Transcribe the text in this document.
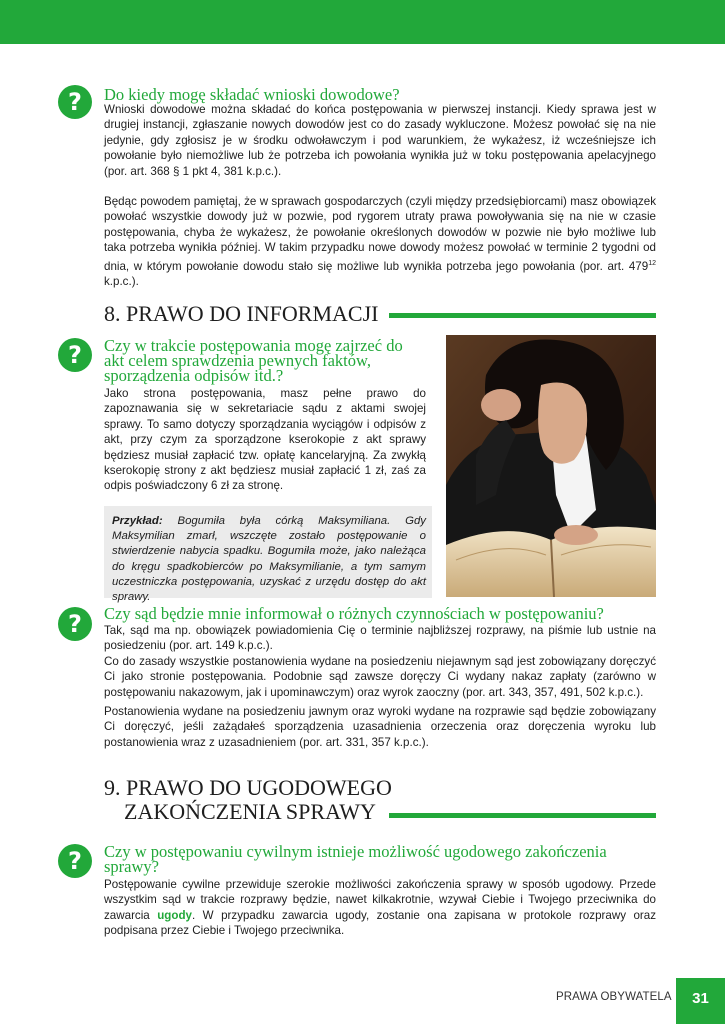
?	Do kiedy mogę składać wnioski dowodowe?
Wnioski dowodowe można składać do końca postępowania w pierwszej instancji. Kiedy sprawa jest w drugiej instancji, zgłaszanie nowych dowodów jest co do zasady wykluczone. Możesz powołać się na nie jedynie, gdy zgłosisz je w środku odwoławczym i pod warunkiem, że wykażesz, iż wcześniejsze ich powołanie było niemożliwe lub że potrzeba ich powołania wynikła już w toku postępowania apelacyjnego (por. art. 368 § 1 pkt 4, 381 k.p.c.).
Będąc powodem pamiętaj, że w sprawach gospodarczych (czyli między przedsiębiorcami) masz obowiązek powołać wszystkie dowody już w pozwie, pod rygorem utraty prawa powoływania się na nie w czasie postępowania, chyba że wykażesz, że powołanie określonych dowodów w pozwie nie było możliwe lub taka potrzeba wynikła później. W takim przypadku nowe dowody możesz powołać w terminie 2 tygodni od dnia, w którym powołanie dowodu stało się możliwe lub wynikła potrzeba jego powołania (por. art. $479^{12}$ k.p.c.).
8. PRAWO DO INFORMACJI
?	Czy w trakcie postępowania mogę zajrzeć do akt celem sprawdzenia pewnych faktów, sporządzenia odpisów itd.?
Jako strona postępowania, masz pełne prawo do zapoznawania się w sekretariacie sądu z aktami swojej sprawy. To samo dotyczy sporządzania wyciągów i odpisów z akt, przy czym za sporządzone kserokopie z akt sprawy będziesz musiał zapłacić tzw. opłatę kancelaryjną. Za zwykłą kserokopię strony z akt będziesz musiał zapłacić 1 zł, zaś za odpis poświadczony 6 zł za stronę.
Przykład: Bogumiła była córką Maksymiliana. Gdy Maksymilian zmarł, wszczęte zostało postępowanie o stwierdzenie nabycia spadku. Bogumiła może, jako należąca do kręgu spadkobierców po Maksymilianie, a tym samym uczestniczka postępowania, uzyskać z urzędu dostęp do akt sprawy.
?	Czy sąd będzie mnie informował o różnych czynnościach w postępowaniu?
Tak, sąd ma np. obowiązek powiadomienia Cię o terminie najbliższej rozprawy, na piśmie lub ustnie na posiedzeniu (por. art. 149 k.p.c.).
Co do zasady wszystkie postanowienia wydane na posiedzeniu niejawnym sąd jest zobowiązany doręczyć Ci jako stronie postępowania. Podobnie sąd zawsze doręczy Ci wydany nakaz zapłaty (zarówno w postępowaniu nakazowym, jak i upominawczym) oraz wyrok zaoczny (por. art. 343, 357, 491, 502 k.p.c.).
Postanowienia wydane na posiedzeniu jawnym oraz wyroki wydane na rozprawie sąd będzie zobowiązany Ci doręczyć, jeśli zażądałeś sporządzenia uzasadnienia orzeczenia oraz doręczenia wyroku lub postanowienia wraz z uzasadnieniem (por. art. 331, 357 k.p.c.).
9. PRAWO DO UGODOWEGO
ZAKOŃCZENIA SPRAWY
?	Czy w postępowaniu cywilnym istnieje możliwość ugodowego zakończenia sprawy?
Postępowanie cywilne przewiduje szerokie możliwości zakończenia sprawy w sposób ugodowy. Przede wszystkim sąd w trakcie rozprawy będzie, nawet kilkakrotnie, wzywał Ciebie i Twojego przeciwnika do zawarcia ugody. W przypadku zawarcia ugody, zostanie ona zapisana w protokole rozprawy oraz podpisana przez Ciebie i Twojego przeciwnika.
PRAWA OBYWATELA	31
